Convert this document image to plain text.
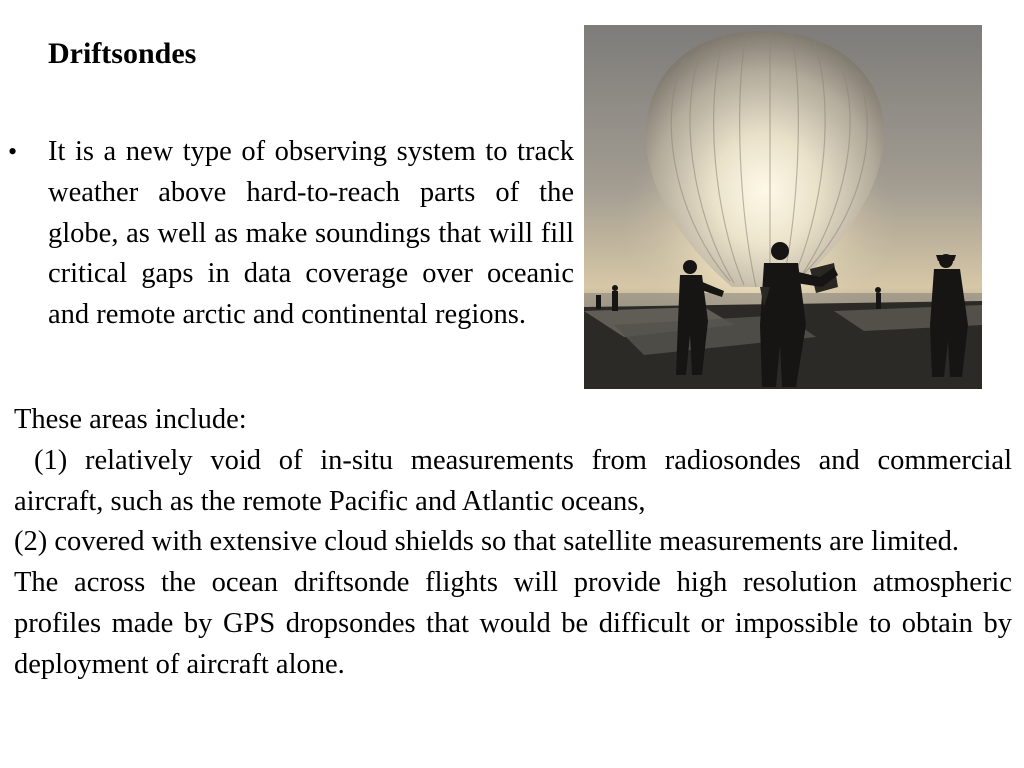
Driftsondes
• It is a new type of observing system to track weather above hard-to-reach parts of the globe, as well as make soundings that will fill critical gaps in data coverage over oceanic and remote arctic and continental regions.

These areas include:

(1) relatively void of in-situ measurements from radiosondes and commercial aircraft, such as the remote Pacific and Atlantic oceans,

(2) covered with extensive cloud shields so that satellite measurements are limited.

The across the ocean driftsonde flights will provide high resolution atmospheric profiles made by GPS dropsondes that would be difficult or impossible to obtain by deployment of aircraft alone.
